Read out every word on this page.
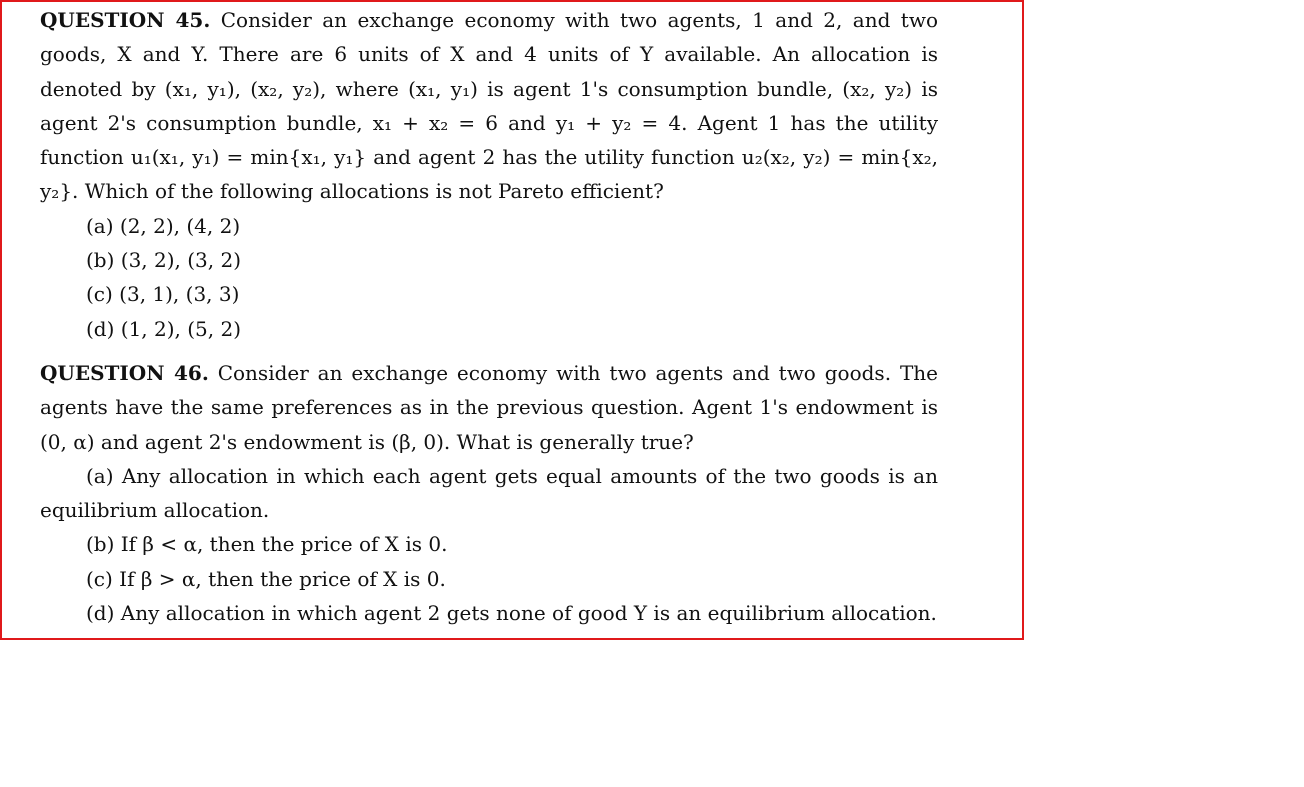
QUESTION 45. Consider an exchange economy with two agents, 1 and 2, and two goods, X and Y. There are 6 units of X and 4 units of Y available. An allocation is denoted by (x₁, y₁), (x₂, y₂), where (x₁, y₁) is agent 1's consumption bundle, (x₂, y₂) is agent 2's consumption bundle, x₁ + x₂ = 6 and y₁ + y₂ = 4. Agent 1 has the utility function u₁(x₁, y₁) = min{x₁, y₁} and agent 2 has the utility function u₂(x₂, y₂) = min{x₂, y₂}. Which of the following allocations is not Pareto efficient?

(a) (2, 2), (4, 2)

(b) (3, 2), (3, 2)

(c) (3, 1), (3, 3)

(d) (1, 2), (5, 2)

QUESTION 46. Consider an exchange economy with two agents and two goods. The agents have the same preferences as in the previous question. Agent 1's endowment is (0, α) and agent 2's endowment is (β, 0). What is generally true?

(a) Any allocation in which each agent gets equal amounts of the two goods is an equilibrium allocation.

(b) If β < α, then the price of X is 0.

(c) If β > α, then the price of X is 0.

(d) Any allocation in which agent 2 gets none of good Y is an equilibrium allocation.
